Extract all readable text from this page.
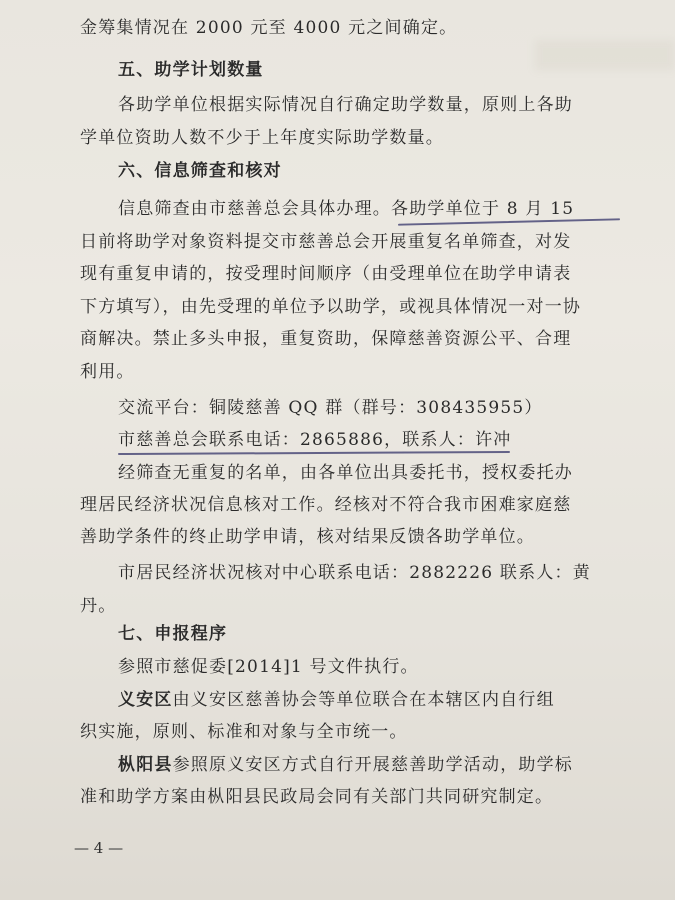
金筹集情况在 2000 元至 4000 元之间确定。
五、助学计划数量
各助学单位根据实际情况自行确定助学数量，原则上各助
学单位资助人数不少于上年度实际助学数量。
六、信息筛查和核对
信息筛查由市慈善总会具体办理。各助学单位于 8 月 15
日前将助学对象资料提交市慈善总会开展重复名单筛查，对发
现有重复申请的，按受理时间顺序（由受理单位在助学申请表
下方填写），由先受理的单位予以助学，或视具体情况一对一协
商解决。禁止多头申报，重复资助，保障慈善资源公平、合理
利用。
交流平台：铜陵慈善 QQ 群（群号：308435955）
市慈善总会联系电话：2865886，联系人：许冲
经筛查无重复的名单，由各单位出具委托书，授权委托办
理居民经济状况信息核对工作。经核对不符合我市困难家庭慈
善助学条件的终止助学申请，核对结果反馈各助学单位。
市居民经济状况核对中心联系电话：2882226 联系人：黄
丹。
七、申报程序
参照市慈促委[2014]1 号文件执行。
义安区由义安区慈善协会等单位联合在本辖区内自行组
织实施，原则、标准和对象与全市统一。
枞阳县参照原义安区方式自行开展慈善助学活动，助学标
准和助学方案由枞阳县民政局会同有关部门共同研究制定。
— 4 —
